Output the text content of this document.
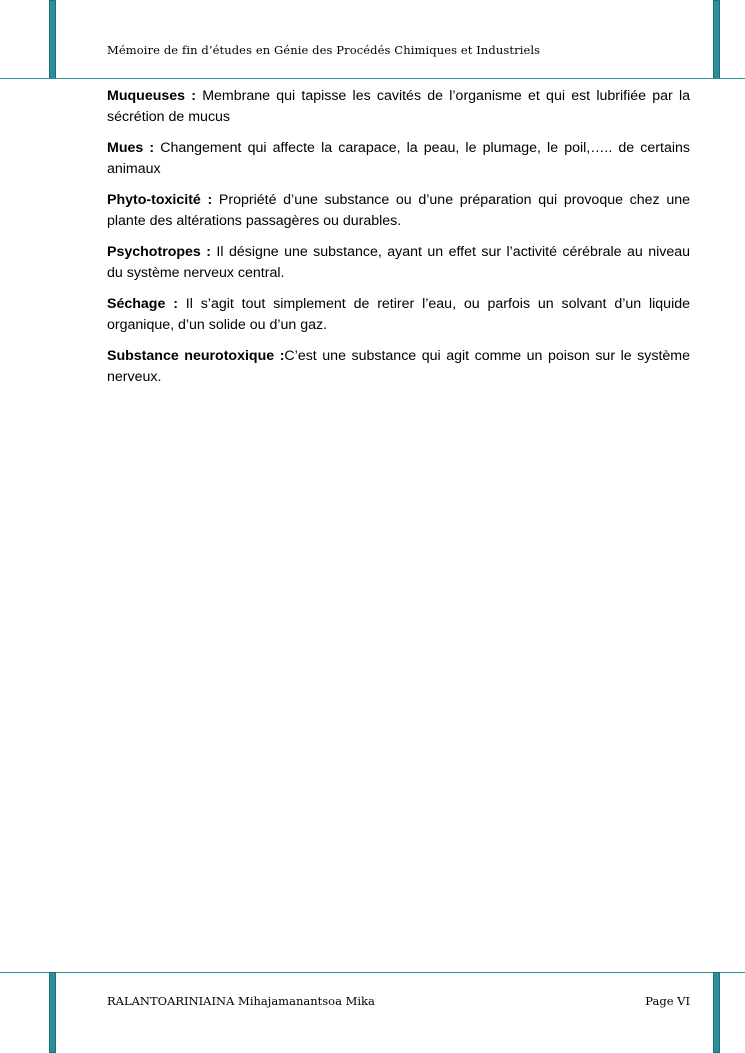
Mémoire de fin d’études en Génie des Procédés Chimiques et Industriels

Muqueuses : Membrane qui tapisse les cavités de l’organisme et qui est lubrifiée par la sécrétion de mucus

Mues : Changement qui affecte la carapace, la peau, le plumage, le poil,….. de certains animaux

Phyto-toxicité : Propriété d’une substance ou d’une préparation qui provoque chez une plante des altérations passagères ou durables.

Psychotropes : Il désigne une substance, ayant un effet sur l’activité cérébrale au niveau du système nerveux central.

Séchage : Il s’agit tout simplement de retirer l’eau, ou parfois un solvant d’un liquide organique, d’un solide ou d’un gaz.

Substance neurotoxique :C’est une substance qui agit comme un poison sur le système nerveux.

RALANTOARINIAINA Mihajamanantsoa Mika	Page VI
